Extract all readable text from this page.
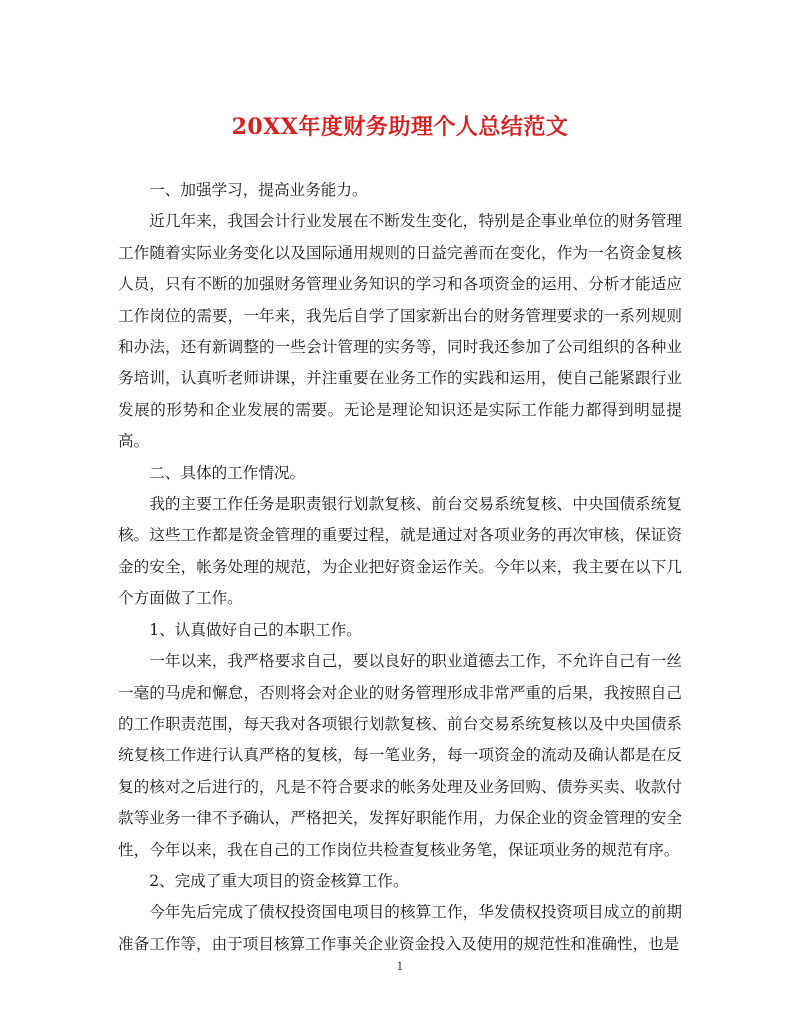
20XX年度财务助理个人总结范文

一、加强学习，提高业务能力。

近几年来，我国会计行业发展在不断发生变化，特别是企事业单位的财务管理工作随着实际业务变化以及国际通用规则的日益完善而在变化，作为一名资金复核人员，只有不断的加强财务管理业务知识的学习和各项资金的运用、分析才能适应工作岗位的需要，一年来，我先后自学了国家新出台的财务管理要求的一系列规则和办法，还有新调整的一些会计管理的实务等，同时我还参加了公司组织的各种业务培训，认真听老师讲课，并注重要在业务工作的实践和运用，使自己能紧跟行业发展的形势和企业发展的需要。无论是理论知识还是实际工作能力都得到明显提高。

二、具体的工作情况。

我的主要工作任务是职责银行划款复核、前台交易系统复核、中央国债系统复核。这些工作都是资金管理的重要过程，就是通过对各项业务的再次审核，保证资金的安全，帐务处理的规范，为企业把好资金运作关。今年以来，我主要在以下几个方面做了工作。

1、认真做好自己的本职工作。

一年以来，我严格要求自己，要以良好的职业道德去工作，不允许自己有一丝一毫的马虎和懈怠，否则将会对企业的财务管理形成非常严重的后果，我按照自己的工作职责范围，每天我对各项银行划款复核、前台交易系统复核以及中央国债系统复核工作进行认真严格的复核，每一笔业务，每一项资金的流动及确认都是在反复的核对之后进行的，凡是不符合要求的帐务处理及业务回购、债券买卖、收款付款等业务一律不予确认，严格把关，发挥好职能作用，力保企业的资金管理的安全性，今年以来，我在自己的工作岗位共检查复核业务笔，保证项业务的规范有序。

2、完成了重大项目的资金核算工作。

今年先后完成了债权投资国电项目的核算工作，华发债权投资项目成立的前期准备工作等，由于项目核算工作事关企业资金投入及使用的规范性和准确性，也是

1
